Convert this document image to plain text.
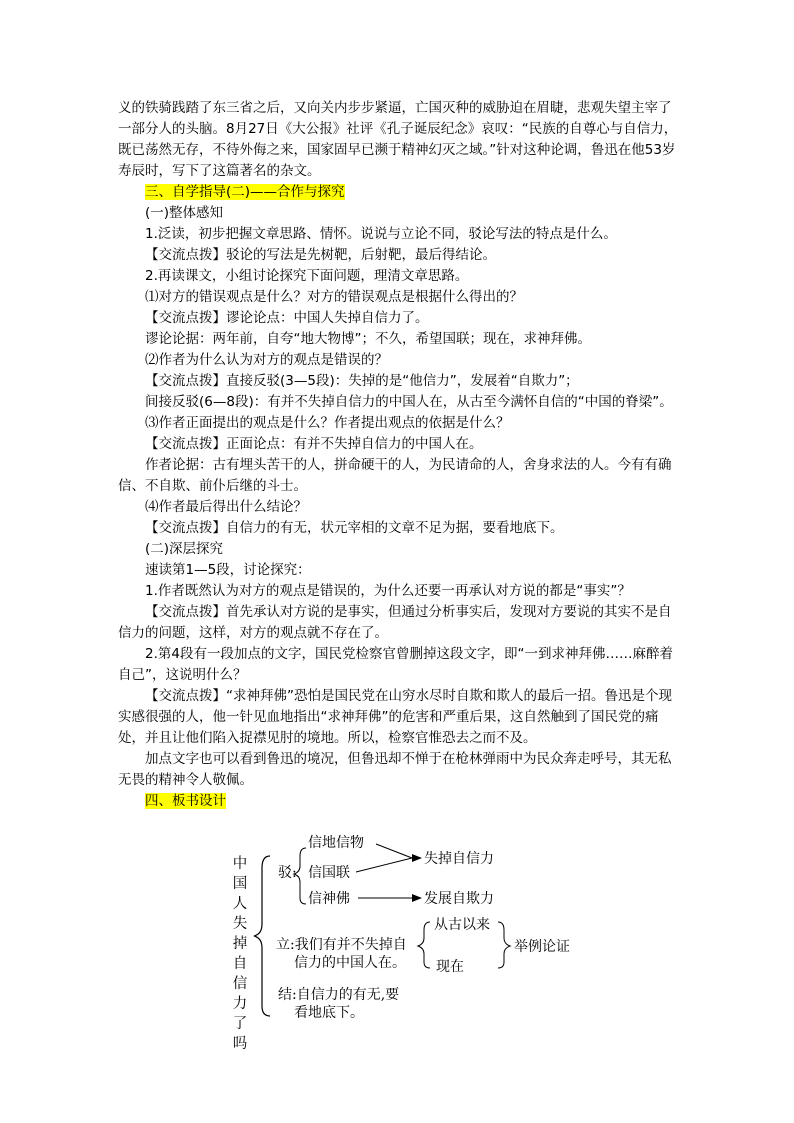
义的铁骑践踏了东三省之后，又向关内步步紧逼，亡国灭种的威胁迫在眉睫，悲观失望主宰了一部分人的头脑。8月27日《大公报》社评《孔子诞辰纪念》哀叹：“民族的自尊心与自信力，既已荡然无存，不待外侮之来，国家固早已濒于精神幻灭之域。”针对这种论调，鲁迅在他53岁寿辰时，写下了这篇著名的杂文。

三、自学指导(二)——合作与探究

(一)整体感知

1.泛读，初步把握文章思路、情怀。说说与立论不同，驳论写法的特点是什么。

【交流点拨】驳论的写法是先树靶，后射靶，最后得结论。

2.再读课文，小组讨论探究下面问题，理清文章思路。

⑴对方的错误观点是什么？对方的错误观点是根据什么得出的？

【交流点拨】谬论论点：中国人失掉自信力了。

谬论论据：两年前，自夸“地大物博”；不久，希望国联；现在，求神拜佛。

⑵作者为什么认为对方的观点是错误的？

【交流点拨】直接反驳(3—5段)：失掉的是“他信力”，发展着“自欺力”；

间接反驳(6—8段)：有并不失掉自信力的中国人在，从古至今满怀自信的“中国的脊梁”。

⑶作者正面提出的观点是什么？作者提出观点的依据是什么？

【交流点拨】正面论点：有并不失掉自信力的中国人在。

作者论据：古有埋头苦干的人，拼命硬干的人，为民请命的人，舍身求法的人。今有有确信、不自欺、前仆后继的斗士。

⑷作者最后得出什么结论？

【交流点拨】自信力的有无，状元宰相的文章不足为据，要看地底下。

(二)深层探究

速读第1—5段，讨论探究：

1.作者既然认为对方的观点是错误的，为什么还要一再承认对方说的都是“事实”？

【交流点拨】首先承认对方说的是事实，但通过分析事实后，发现对方要说的其实不是自信力的问题，这样，对方的观点就不存在了。

2.第4段有一段加点的文字，国民党检察官曾删掉这段文字，即“一到求神拜佛……麻醉着自己”，这说明什么？

【交流点拨】“求神拜佛”恐怕是国民党在山穷水尽时自欺和欺人的最后一招。鲁迅是个现实感很强的人，他一针见血地指出“求神拜佛”的危害和严重后果，这自然触到了国民党的痛处，并且让他们陷入捉襟见肘的境地。所以，检察官惟恐去之而不及。

加点文字也可以看到鲁迅的境况，但鲁迅却不惮于在枪林弹雨中为民众奔走呼号，其无私无畏的精神令人敬佩。

四、板书设计

中国人失掉自信力了吗
驳:
信地信物
信国联
信神佛
失掉自信力
发展自欺力
立:我们有并不失掉自
信力的中国人在。
从古以来
现在
举例论证
结:自信力的有无,要
看地底下。
